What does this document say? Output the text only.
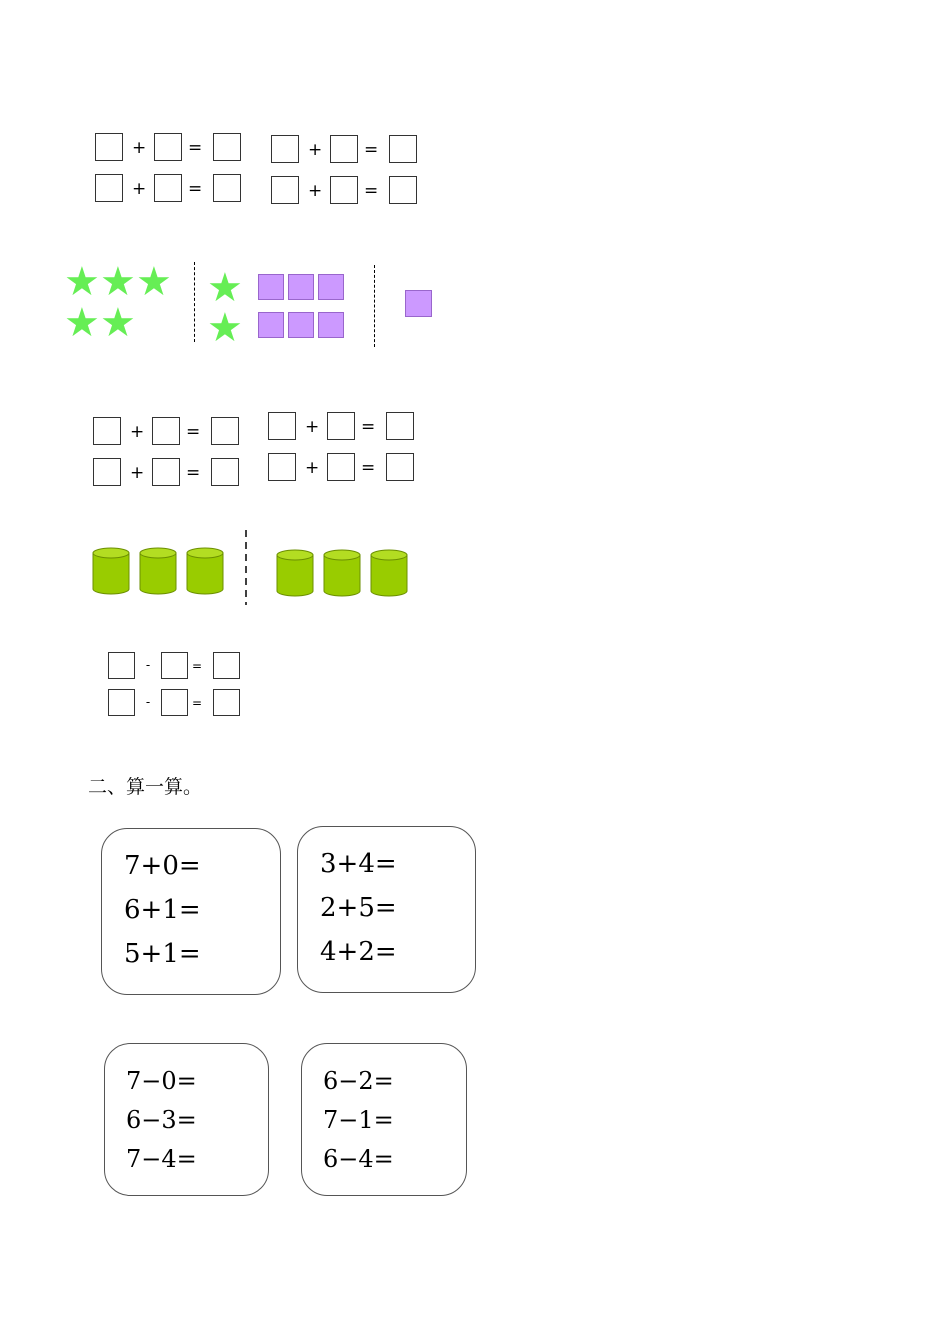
+ =
+ =
+ =
+ =
★ ★ ★
★ ★
★
★
+ =
+ =
+ =
+ =
-	=
-	=
二、算一算。
7+0=
6+1=
5+1=
3+4=
2+5=
4+2=
7−0=
6−3=
7−4=
6−2=
7−1=
6−4=
